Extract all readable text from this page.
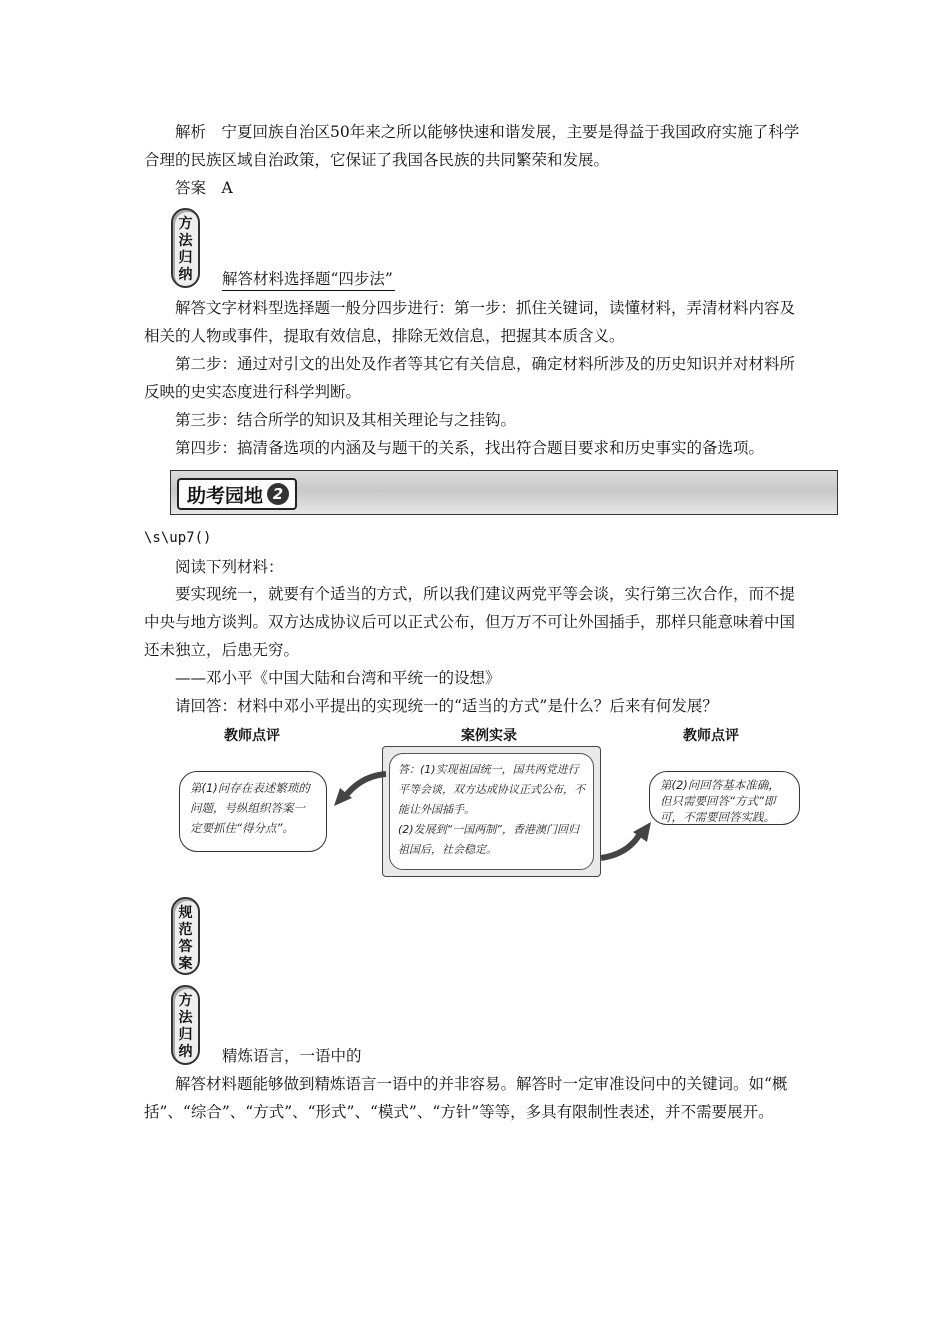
解析　 宁夏回族自治区50年来之所以能够快速和谐发展，主要是得益于我国政府实施了科学合理的民族区域自治政策，它保证了我国各民族的共同繁荣和发展。

答案　 A
方
法
归
纳	解答材料选择题“四步法”

解答文字材料型选择题一般分四步进行：第一步：抓住关键词，读懂材料，弄清材料内容及相关的人物或事件，提取有效信息，排除无效信息，把握其本质含义。

第二步：通过对引文的出处及作者等其它有关信息，确定材料所涉及的历史知识并对材料所反映的史实态度进行科学判断。

第三步：结合所学的知识及其相关理论与之挂钩。

第四步：搞清备选项的内涵及与题干的关系，找出符合题目要求和历史事实的备选项。

助考园地 2
\s\up7()
阅读下列材料：

要实现统一，就要有个适当的方式，所以我们建议两党平等会谈，实行第三次合作，而不提中央与地方谈判。双方达成协议后可以正式公布，但万万不可让外国插手，那样只能意味着中国还未独立，后患无穷。

——邓小平《中国大陆和台湾和平统一的设想》
请回答：材料中邓小平提出的实现统一的“适当的方式”是什么？后来有何发展？
教师点评	案例实录	教师点评
第(1)问存在表述繁琐的问题，号纵组织答案一定要抓住“得分点”。
答：(1)实现祖国统一，国共两党进行平等会谈，双方达成协议正式公布，不能让外国插手。
(2)发展到“一国两制”，香港澳门回归祖国后，社会稳定。
第(2)问回答基本准确，但只需要回答“方式”即可，不需要回答实践。
规
范
答
案
方
法
归
纳	精炼语言，一语中的

解答材料题能够做到精炼语言一语中的并非容易。解答时一定审准设问中的关键词。如“概括”、“综合”、“方式”、“形式”、“模式”、“方针”等等，多具有限制性表述，并不需要展开。
